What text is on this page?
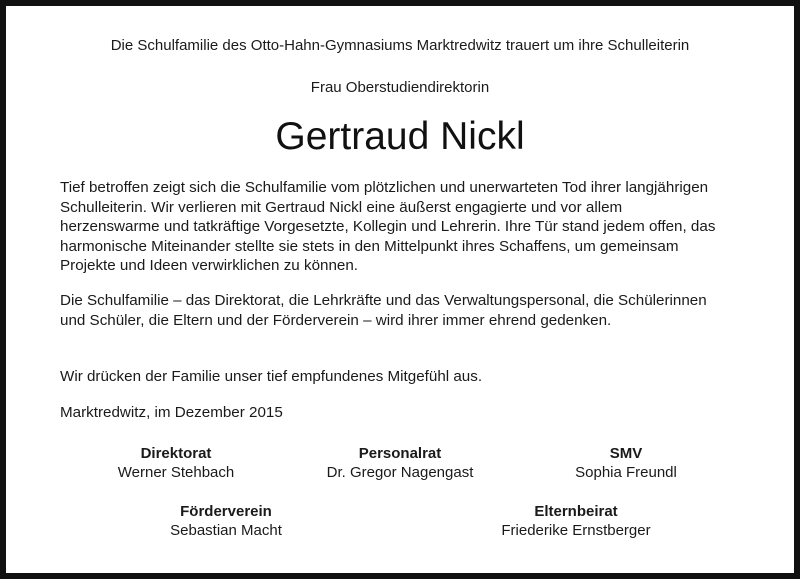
Die Schulfamilie des Otto-Hahn-Gymnasiums Marktredwitz trauert um ihre Schulleiterin
Frau Oberstudiendirektorin
Gertraud Nickl

Tief betroffen zeigt sich die Schulfamilie vom plötzlichen und unerwarteten Tod ihrer langjährigen Schulleiterin. Wir verlieren mit Gertraud Nickl eine äußerst engagierte und vor allem herzenswarme und tatkräftige Vorgesetzte, Kollegin und Lehrerin. Ihre Tür stand jedem offen, das harmonische Miteinander stellte sie stets in den Mittelpunkt ihres Schaffens, um gemeinsam Projekte und Ideen verwirklichen zu können.

Die Schulfamilie – das Direktorat, die Lehrkräfte und das Verwaltungspersonal, die Schülerinnen und Schüler, die Eltern und der Förderverein – wird ihrer immer ehrend gedenken.

Wir drücken der Familie unser tief empfundenes Mitgefühl aus.

Marktredwitz, im Dezember 2015
Direktorat
Werner Stehbach
Personalrat
Dr. Gregor Nagengast
SMV
Sophia Freundl
Förderverein
Sebastian Macht
Elternbeirat
Friederike Ernstberger
